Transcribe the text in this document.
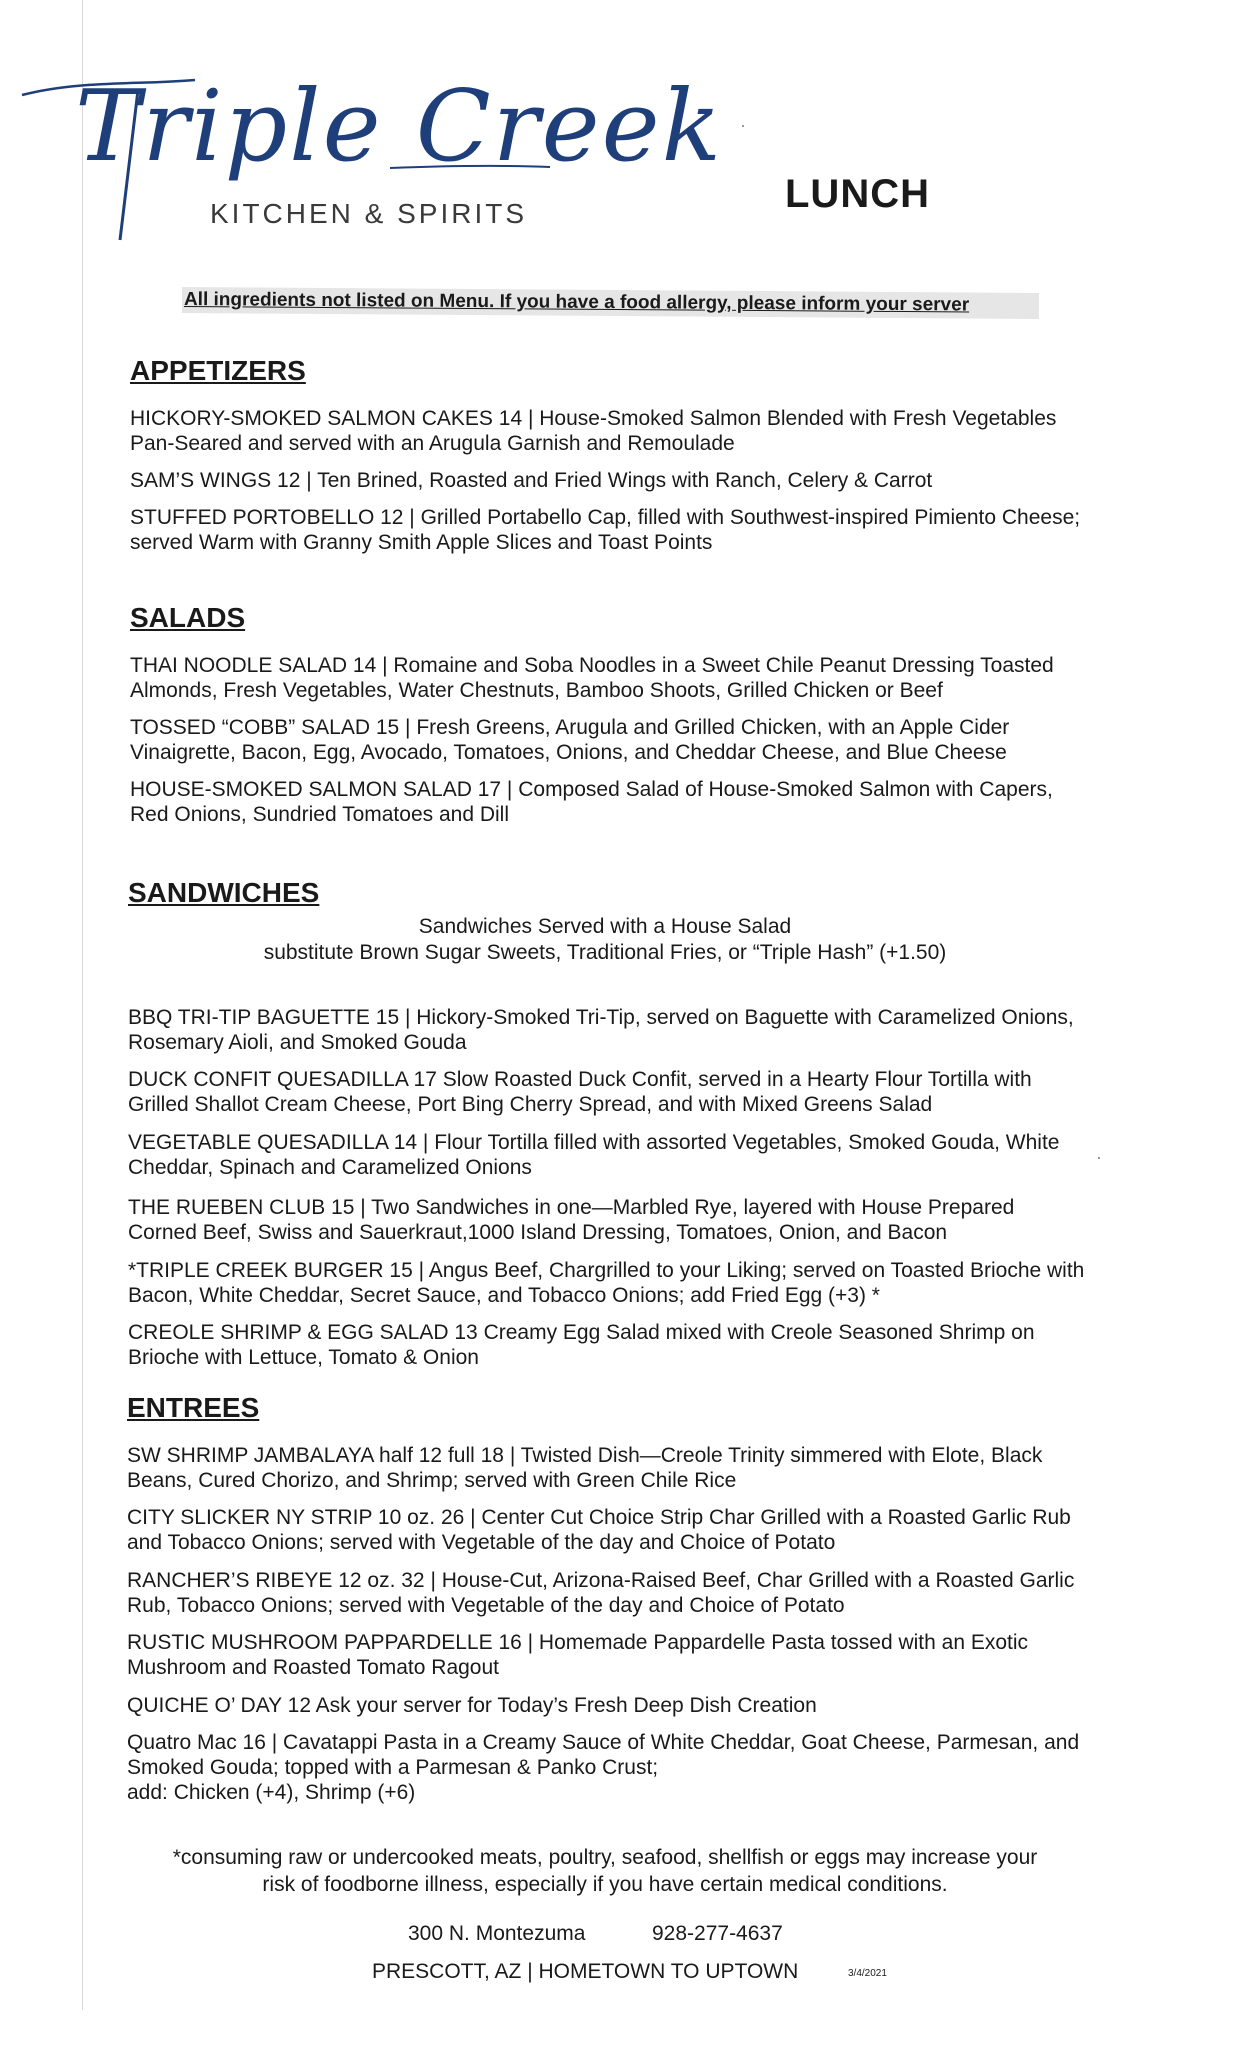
Triple Creek
KITCHEN & SPIRITS	LUNCH
All ingredients not listed on Menu. If you have a food allergy, please inform your server
APPETIZERS
HICKORY-SMOKED SALMON CAKES 14 | House-Smoked Salmon Blended with Fresh Vegetables Pan-Seared and served with an Arugula Garnish and Remoulade
SAM’S WINGS 12 | Ten Brined, Roasted and Fried Wings with Ranch, Celery & Carrot
STUFFED PORTOBELLO 12 | Grilled Portabello Cap, filled with Southwest-inspired Pimiento Cheese; served Warm with Granny Smith Apple Slices and Toast Points
SALADS
THAI NOODLE SALAD 14 | Romaine and Soba Noodles in a Sweet Chile Peanut Dressing Toasted Almonds, Fresh Vegetables, Water Chestnuts, Bamboo Shoots, Grilled Chicken or Beef
TOSSED “COBB” SALAD 15 | Fresh Greens, Arugula and Grilled Chicken, with an Apple Cider Vinaigrette, Bacon, Egg, Avocado, Tomatoes, Onions, and Cheddar Cheese, and Blue Cheese
HOUSE-SMOKED SALMON SALAD 17 | Composed Salad of House-Smoked Salmon with Capers, Red Onions, Sundried Tomatoes and Dill
SANDWICHES
Sandwiches Served with a House Salad
substitute Brown Sugar Sweets, Traditional Fries, or “Triple Hash” (+1.50)
BBQ TRI-TIP BAGUETTE 15 | Hickory-Smoked Tri-Tip, served on Baguette with Caramelized Onions, Rosemary Aioli, and Smoked Gouda
DUCK CONFIT QUESADILLA 17 Slow Roasted Duck Confit, served in a Hearty Flour Tortilla with Grilled Shallot Cream Cheese, Port Bing Cherry Spread, and with Mixed Greens Salad
VEGETABLE QUESADILLA 14 | Flour Tortilla filled with assorted Vegetables, Smoked Gouda, White Cheddar, Spinach and Caramelized Onions
THE RUEBEN CLUB 15 | Two Sandwiches in one—Marbled Rye, layered with House Prepared Corned Beef, Swiss and Sauerkraut,1000 Island Dressing, Tomatoes, Onion, and Bacon
*TRIPLE CREEK BURGER 15 | Angus Beef, Chargrilled to your Liking; served on Toasted Brioche with Bacon, White Cheddar, Secret Sauce, and Tobacco Onions; add Fried Egg (+3) *
CREOLE SHRIMP & EGG SALAD 13 Creamy Egg Salad mixed with Creole Seasoned Shrimp on Brioche with Lettuce, Tomato & Onion
ENTREES
SW SHRIMP JAMBALAYA half 12 full 18 | Twisted Dish—Creole Trinity simmered with Elote, Black Beans, Cured Chorizo, and Shrimp; served with Green Chile Rice
CITY SLICKER NY STRIP 10 oz. 26 | Center Cut Choice Strip Char Grilled with a Roasted Garlic Rub and Tobacco Onions; served with Vegetable of the day and Choice of Potato
RANCHER’S RIBEYE 12 oz. 32 | House-Cut, Arizona-Raised Beef, Char Grilled with a Roasted Garlic Rub, Tobacco Onions; served with Vegetable of the day and Choice of Potato
RUSTIC MUSHROOM PAPPARDELLE 16 | Homemade Pappardelle Pasta tossed with an Exotic Mushroom and Roasted Tomato Ragout
QUICHE O’ DAY 12 Ask your server for Today’s Fresh Deep Dish Creation
Quatro Mac 16 | Cavatappi Pasta in a Creamy Sauce of White Cheddar, Goat Cheese, Parmesan, and Smoked Gouda; topped with a Parmesan & Panko Crust;
add: Chicken (+4), Shrimp (+6)
*consuming raw or undercooked meats, poultry, seafood, shellfish or eggs may increase your
risk of foodborne illness, especially if you have certain medical conditions.
300 N. Montezuma	928-277-4637
PRESCOTT, AZ | HOMETOWN TO UPTOWN	3/4/2021
